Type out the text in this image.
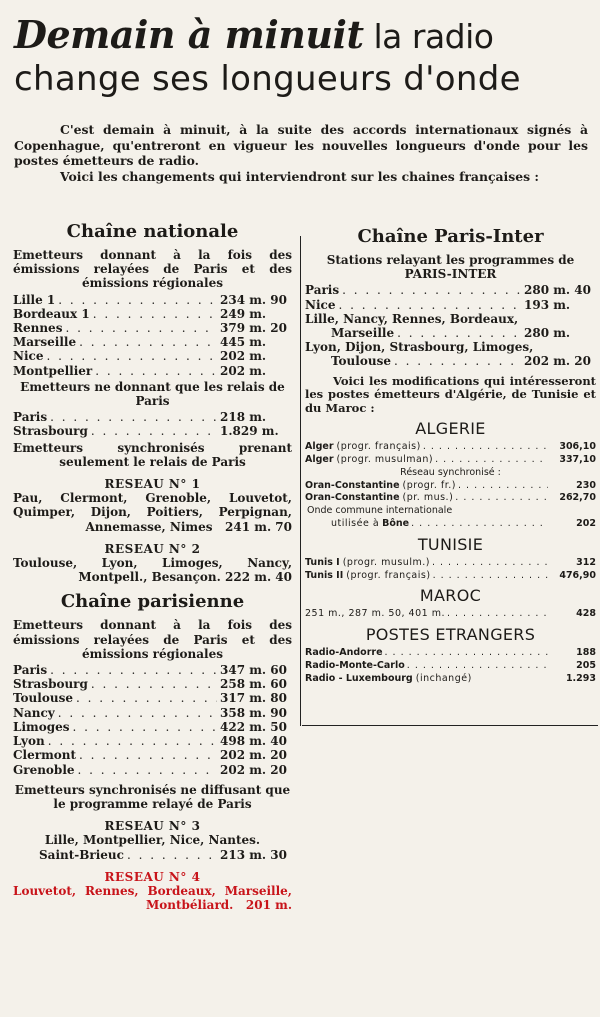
Demain à minuit la radio
change ses longueurs d'onde

C'est demain à minuit, à la suite des accords internationaux signés à Copenhague, qu'entreront en vigueur les nouvelles longueurs d'onde pour les postes émetteurs de radio.

Voici les changements qui interviendront sur les chaines françaises :

Chaîne nationale
Emetteurs donnant à la fois des émissions relayées de Paris et des émissions régionales
Lille 1 . . .	234 m. 90
Bordeaux 1 . . .	249 m.
Rennes . . .	379 m. 20
Marseille . . .	445 m.
Nice . . .	202 m.
Montpellier . . .	202 m.
Emetteurs ne donnant que les relais de Paris
Paris . . .	218 m.
Strasbourg . . .	1.829 m.
Emetteurs synchronisés prenant seulement le relais de Paris
RESEAU N° 1
Pau, Clermont, Grenoble, Louvetot, Quimper, Dijon, Poitiers, Perpignan, Annemasse, Nimes 241 m. 70
RESEAU N° 2
Toulouse, Lyon, Limoges, Nancy, Montpell., Besançon. 222 m. 40
Chaîne parisienne
Emetteurs donnant à la fois des émissions relayées de Paris et des émissions régionales
Paris . . .	347 m. 60
Strasbourg . . .	258 m. 60
Toulouse . . .	317 m. 80
Nancy . . .	358 m. 90
Limoges . . .	422 m. 50
Lyon . . .	498 m. 40
Clermont . . .	202 m. 20
Grenoble . . .	202 m. 20
Emetteurs synchronisés ne diffusant que le programme relayé de Paris
RESEAU N° 3
Lille, Montpellier, Nice, Nantes.
Saint-Brieuc . . .	213 m. 30
RESEAU N° 4
Louvetot, Rennes, Bordeaux, Marseille, Montbéliard. 201 m.
Chaîne Paris-Inter
Stations relayant les programmes de PARIS-INTER
Paris . . .	280 m. 40
Nice . . .	193 m.
Lille, Nancy, Rennes, Bordeaux,
Marseille . . .	280 m.
Lyon, Dijon, Strasbourg, Limoges,
Toulouse . . .	202 m. 20
Voici les modifications qui intéresseront les postes émetteurs d'Algérie, de Tunisie et du Maroc :
ALGERIE
Alger (progr. français) . . .	306,10
Alger (progr. musulman) . . .	337,10
Réseau synchronisé :
Oran-Constantine (progr. fr.) . . .	230
Oran-Constantine (pr. mus.) . . .	262,70
Onde commune internationale
utilisée à Bône . . .	202
TUNISIE
Tunis I (progr. musulm.) . . .	312
Tunis II (progr. français) . . .	476,90
MAROC
251 m., 287 m. 50, 401 m. . . .	428
POSTES ETRANGERS
Radio-Andorre . . .	188
Radio-Monte-Carlo . . .	205
Radio - Luxembourg (inchangé)	1.293
